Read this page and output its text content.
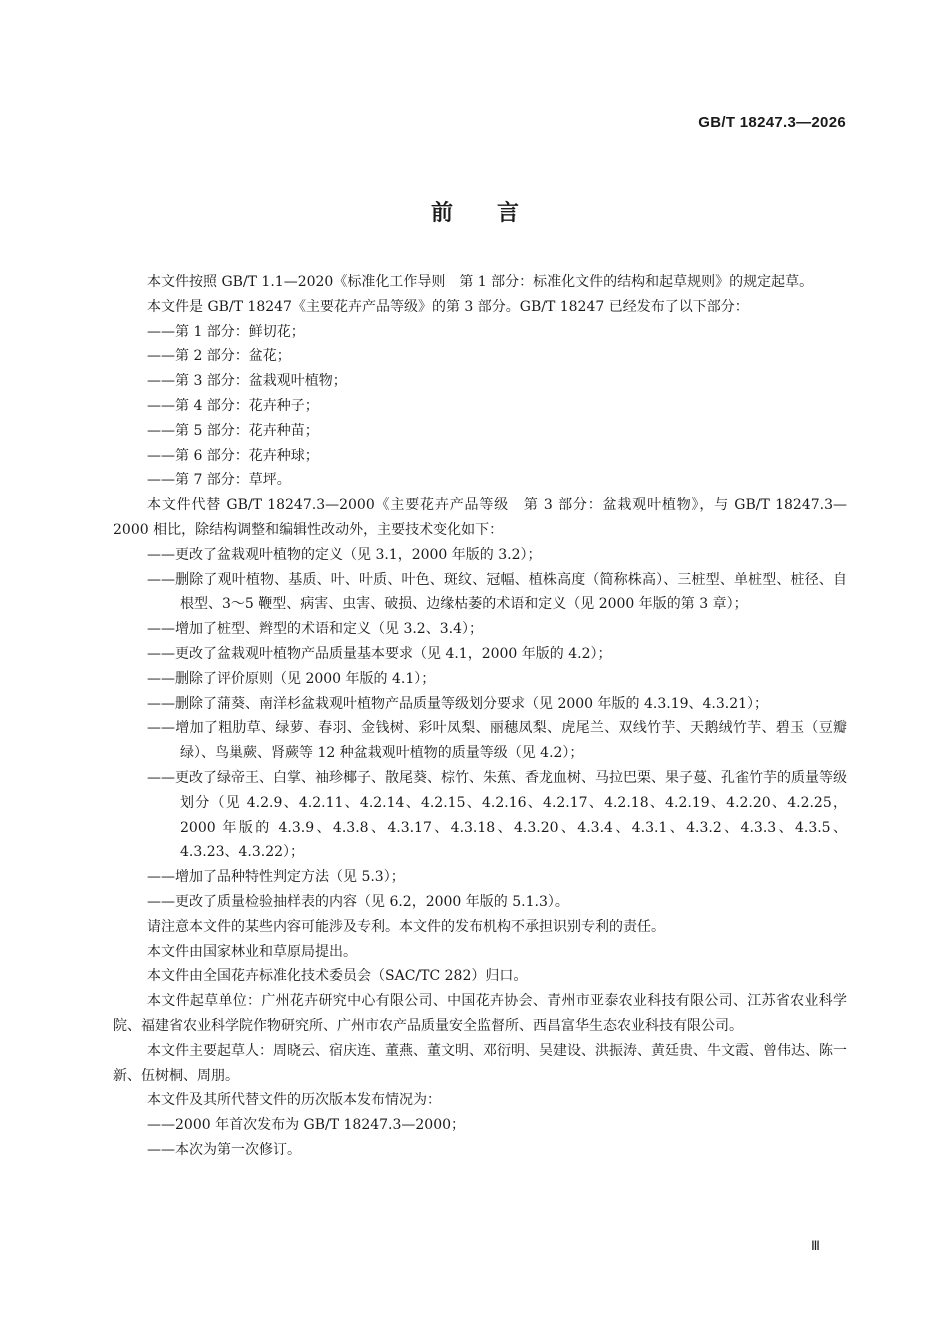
GB/T 18247.3—2026
前 言

本文件按照 GB/T 1.1—2020《标准化工作导则　第 1 部分：标准化文件的结构和起草规则》的规定起草。

本文件是 GB/T 18247《主要花卉产品等级》的第 3 部分。GB/T 18247 已经发布了以下部分：

——第 1 部分：鲜切花；
——第 2 部分：盆花；
——第 3 部分：盆栽观叶植物；
——第 4 部分：花卉种子；
——第 5 部分：花卉种苗；
——第 6 部分：花卉种球；
——第 7 部分：草坪。

本文件代替 GB/T 18247.3—2000《主要花卉产品等级　第 3 部分：盆栽观叶植物》，与 GB/T 18247.3—2000 相比，除结构调整和编辑性改动外，主要技术变化如下：

——更改了盆栽观叶植物的定义（见 3.1，2000 年版的 3.2）；
——删除了观叶植物、基质、叶、叶质、叶色、斑纹、冠幅、植株高度（简称株高）、三桩型、单桩型、桩径、自根型、3～5 鞭型、病害、虫害、破损、边缘枯萎的术语和定义（见 2000 年版的第 3 章）；
——增加了桩型、辫型的术语和定义（见 3.2、3.4）；
——更改了盆栽观叶植物产品质量基本要求（见 4.1，2000 年版的 4.2）；
——删除了评价原则（见 2000 年版的 4.1）；
——删除了蒲葵、南洋杉盆栽观叶植物产品质量等级划分要求（见 2000 年版的 4.3.19、4.3.21）；
——增加了粗肋草、绿萝、春羽、金钱树、彩叶凤梨、丽穗凤梨、虎尾兰、双线竹芋、天鹅绒竹芋、碧玉（豆瓣绿）、鸟巢蕨、肾蕨等 12 种盆栽观叶植物的质量等级（见 4.2）；
——更改了绿帝王、白掌、袖珍椰子、散尾葵、棕竹、朱蕉、香龙血树、马拉巴栗、果子蔓、孔雀竹芋的质量等级划分（见 4.2.9、4.2.11、4.2.14、4.2.15、4.2.16、4.2.17、4.2.18、4.2.19、4.2.20、4.2.25，2000 年版的 4.3.9、4.3.8、4.3.17、4.3.18、4.3.20、4.3.4、4.3.1、4.3.2、4.3.3、4.3.5、4.3.23、4.3.22）；
——增加了品种特性判定方法（见 5.3）；
——更改了质量检验抽样表的内容（见 6.2，2000 年版的 5.1.3）。

请注意本文件的某些内容可能涉及专利。本文件的发布机构不承担识别专利的责任。

本文件由国家林业和草原局提出。

本文件由全国花卉标准化技术委员会（SAC/TC 282）归口。

本文件起草单位：广州花卉研究中心有限公司、中国花卉协会、青州市亚泰农业科技有限公司、江苏省农业科学院、福建省农业科学院作物研究所、广州市农产品质量安全监督所、西昌富华生态农业科技有限公司。

本文件主要起草人：周晓云、宿庆连、董燕、董文明、邓衍明、吴建设、洪振涛、黄廷贵、牛文霞、曾伟达、陈一新、伍树桐、周朋。

本文件及其所代替文件的历次版本发布情况为：

——2000 年首次发布为 GB/T 18247.3—2000；
——本次为第一次修订。
Ⅲ
